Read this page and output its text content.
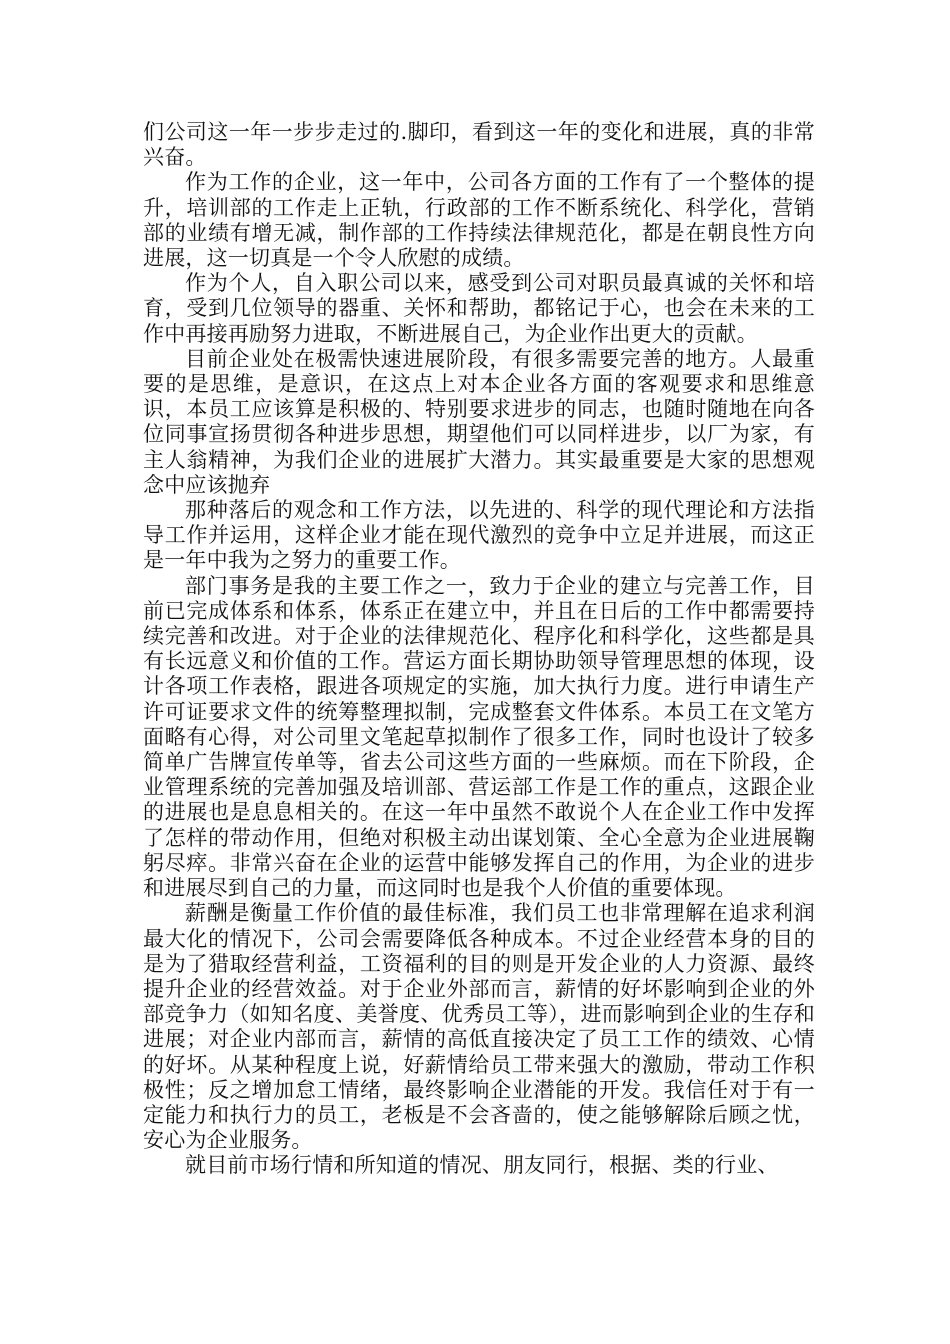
们公司这一年一步步走过的.脚印，看到这一年的变化和进展，真的非常兴奋。

作为工作的企业，这一年中，公司各方面的工作有了一个整体的提升，培训部的工作走上正轨，行政部的工作不断系统化、科学化，营销部的业绩有增无减，制作部的工作持续法律规范化，都是在朝良性方向进展，这一切真是一个令人欣慰的成绩。

作为个人，自入职公司以来，感受到公司对职员最真诚的关怀和培育，受到几位领导的器重、关怀和帮助，都铭记于心，也会在未来的工作中再接再励努力进取，不断进展自己，为企业作出更大的贡献。

目前企业处在极需快速进展阶段，有很多需要完善的地方。人最重要的是思维，是意识，在这点上对本企业各方面的客观要求和思维意识，本员工应该算是积极的、特别要求进步的同志，也随时随地在向各位同事宣扬贯彻各种进步思想，期望他们可以同样进步，以厂为家，有主人翁精神，为我们企业的进展扩大潜力。其实最重要是大家的思想观念中应该抛弃

那种落后的观念和工作方法，以先进的、科学的现代理论和方法指导工作并运用，这样企业才能在现代激烈的竞争中立足并进展，而这正是一年中我为之努力的重要工作。

部门事务是我的主要工作之一，致力于企业的建立与完善工作，目前已完成体系和体系，体系正在建立中，并且在日后的工作中都需要持续完善和改进。对于企业的法律规范化、程序化和科学化，这些都是具有长远意义和价值的工作。营运方面长期协助领导管理思想的体现，设计各项工作表格，跟进各项规定的实施，加大执行力度。进行申请生产许可证要求文件的统筹整理拟制，完成整套文件体系。本员工在文笔方面略有心得，对公司里文笔起草拟制作了很多工作，同时也设计了较多简单广告牌宣传单等，省去公司这些方面的一些麻烦。而在下阶段，企业管理系统的完善加强及培训部、营运部工作是工作的重点，这跟企业的进展也是息息相关的。在这一年中虽然不敢说个人在企业工作中发挥了怎样的带动作用，但绝对积极主动出谋划策、全心全意为企业进展鞠躬尽瘁。非常兴奋在企业的运营中能够发挥自己的作用，为企业的进步和进展尽到自己的力量，而这同时也是我个人价值的重要体现。

薪酬是衡量工作价值的最佳标准，我们员工也非常理解在追求利润最大化的情况下，公司会需要降低各种成本。不过企业经营本身的目的是为了猎取经营利益，工资福利的目的则是开发企业的人力资源、最终提升企业的经营效益。对于企业外部而言，薪情的好坏影响到企业的外部竞争力（如知名度、美誉度、优秀员工等），进而影响到企业的生存和进展；对企业内部而言，薪情的高低直接决定了员工工作的绩效、心情的好坏。从某种程度上说，好薪情给员工带来强大的激励，带动工作积极性；反之增加怠工情绪，最终影响企业潜能的开发。我信任对于有一定能力和执行力的员工，老板是不会吝啬的，使之能够解除后顾之忧，安心为企业服务。

就目前市场行情和所知道的情况、朋友同行，根据、类的行业、
